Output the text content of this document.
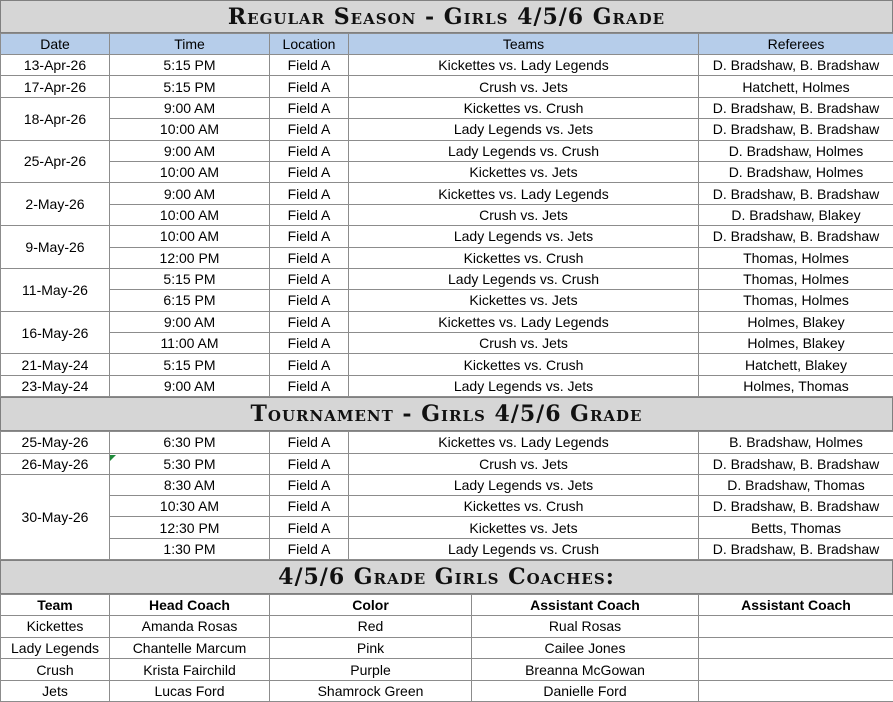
Regular Season - Girls 4/5/6 Grade
Date	Time	Location	Teams	Referees
13-Apr-26	5:15 PM	Field A	Kickettes vs. Lady Legends	D. Bradshaw, B. Bradshaw
17-Apr-26	5:15 PM	Field A	Crush vs. Jets	Hatchett, Holmes
18-Apr-26	9:00 AM	Field A	Kickettes vs. Crush	D. Bradshaw, B. Bradshaw
	10:00 AM	Field A	Lady Legends vs. Jets	D. Bradshaw, B. Bradshaw
25-Apr-26	9:00 AM	Field A	Lady Legends vs. Crush	D. Bradshaw, Holmes
	10:00 AM	Field A	Kickettes vs. Jets	D. Bradshaw, Holmes
2-May-26	9:00 AM	Field A	Kickettes vs. Lady Legends	D. Bradshaw, B. Bradshaw
	10:00 AM	Field A	Crush vs. Jets	D. Bradshaw, Blakey
9-May-26	10:00 AM	Field A	Lady Legends vs. Jets	D. Bradshaw, B. Bradshaw
	12:00 PM	Field A	Kickettes vs. Crush	Thomas, Holmes
11-May-26	5:15 PM	Field A	Lady Legends vs. Crush	Thomas, Holmes
	6:15 PM	Field A	Kickettes vs. Jets	Thomas, Holmes
16-May-26	9:00 AM	Field A	Kickettes vs. Lady Legends	Holmes, Blakey
	11:00 AM	Field A	Crush vs. Jets	Holmes, Blakey
21-May-24	5:15 PM	Field A	Kickettes vs. Crush	Hatchett, Blakey
23-May-24	9:00 AM	Field A	Lady Legends vs. Jets	Holmes, Thomas
Tournament - Girls 4/5/6 Grade
25-May-26	6:30 PM	Field A	Kickettes vs. Lady Legends	B. Bradshaw, Holmes
26-May-26	5:30 PM	Field A	Crush vs. Jets	D. Bradshaw, B. Bradshaw
30-May-26	8:30 AM	Field A	Lady Legends vs. Jets	D. Bradshaw, Thomas
	10:30 AM	Field A	Kickettes vs. Crush	D. Bradshaw, B. Bradshaw
	12:30 PM	Field A	Kickettes vs. Jets	Betts, Thomas
	1:30 PM	Field A	Lady Legends vs. Crush	D. Bradshaw, B. Bradshaw
4/5/6 Grade Girls Coaches:
Team	Head Coach	Color	Assistant Coach	Assistant Coach
Kickettes	Amanda Rosas	Red	Rual Rosas	
Lady Legends	Chantelle Marcum	Pink	Cailee Jones	
Crush	Krista Fairchild	Purple	Breanna McGowan	
Jets	Lucas Ford	Shamrock Green	Danielle Ford	
